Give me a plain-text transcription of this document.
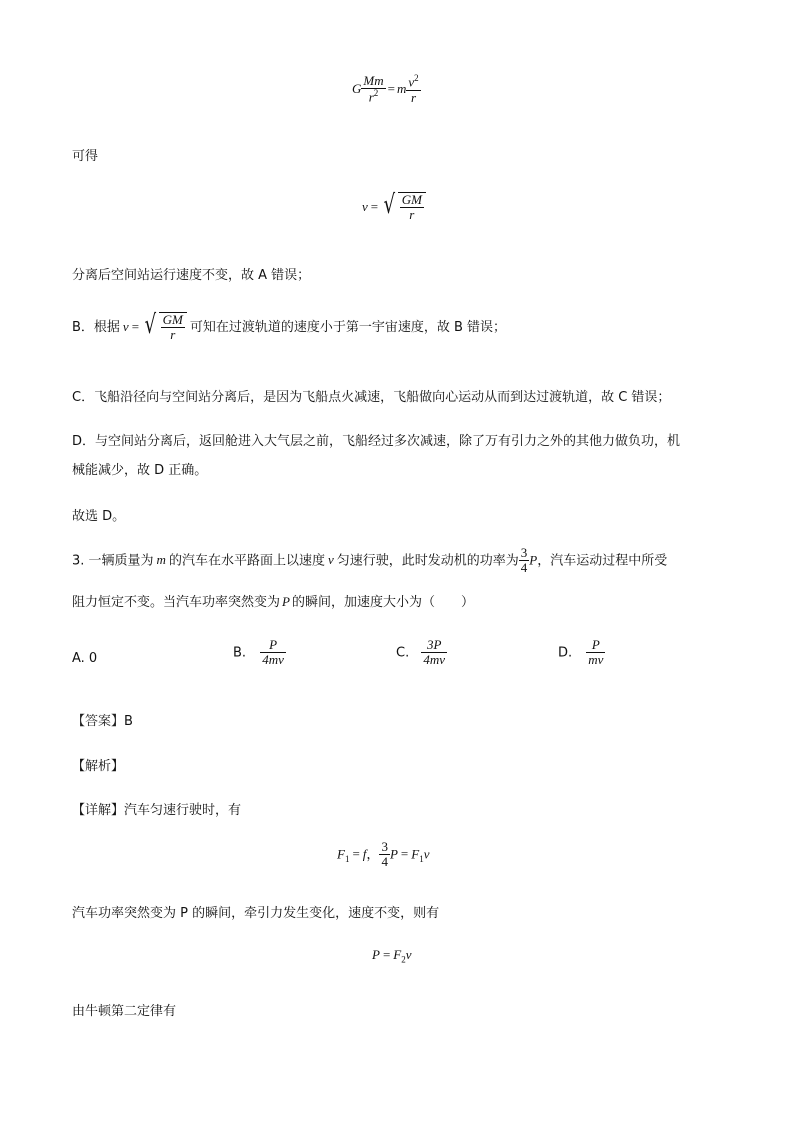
G $\frac{Mm}{r^2} = m \frac{v^2}{r}$
可得
v = √ $\frac{GM}{r}$
分离后空间站运行速度不变，故 A 错误；
B．根据 v = √ $\frac{GM}{r}$ 可知在过渡轨道的速度小于第一宇宙速度，故 B 错误；
C．飞船沿径向与空间站分离后，是因为飞船点火减速，飞船做向心运动从而到达过渡轨道，故 C 错误；
D．与空间站分离后，返回舱进入大气层之前，飞船经过多次减速，除了万有引力之外的其他力做负功，机
械能减少，故 D 正确。
故选 D。
3. 一辆质量为 m 的汽车在水平路面上以速度 v 匀速行驶，此时发动机的功率为 $\frac{3}{4}$ P，汽车运动过程中所受
阻力恒定不变。当汽车功率突然变为 P 的瞬间，加速度大小为（　　）
A. 0	B. $\frac{P}{4mv}$	C. $\frac{3P}{4mv}$	D. $\frac{P}{mv}$
【答案】B
【解析】
【详解】汽车匀速行驶时，有
$F_1 = f$， $\frac{3}{4}$ $P = F_1v$
汽车功率突然变为 P 的瞬间，牵引力发生变化，速度不变，则有
$P = F_2v$
由牛顿第二定律有
